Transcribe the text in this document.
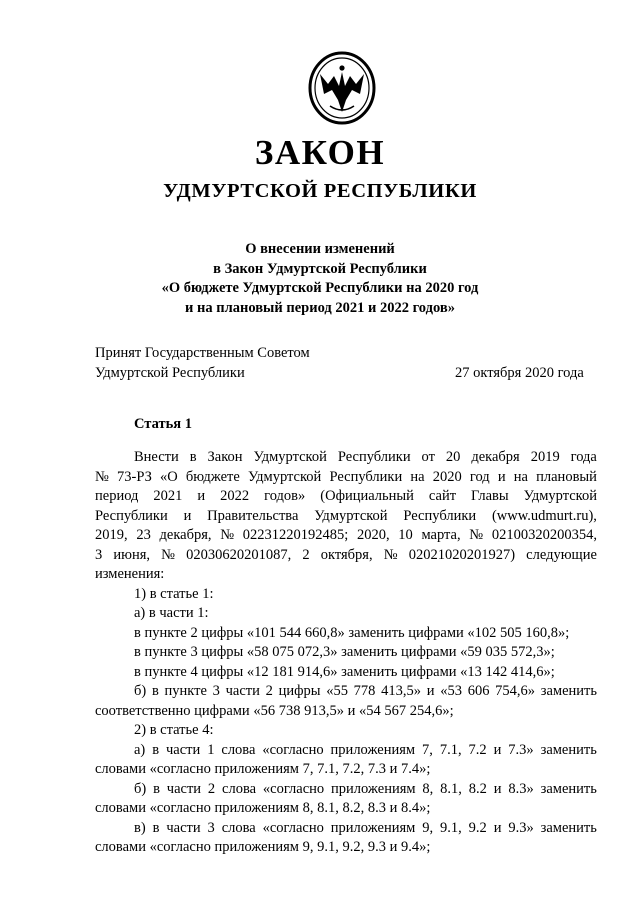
ЗАКОН
УДМУРТСКОЙ РЕСПУБЛИКИ
О внесении изменений
в Закон Удмуртской Республики
«О бюджете Удмуртской Республики на 2020 год
и на плановый период 2021 и 2022 годов»
Принят Государственным Советом
Удмуртской Республики	27 октября 2020 года
Статья 1
Внести в Закон Удмуртской Республики от 20 декабря 2019 года
№ 73-РЗ «О бюджете Удмуртской Республики на 2020 год и на плановый
период 2021 и 2022 годов» (Официальный сайт Главы Удмуртской
Республики и Правительства Удмуртской Республики (www.udmurt.ru),
2019, 23 декабря, № 02231220192485; 2020, 10 марта, № 02100320200354,
3 июня, № 02030620201087, 2 октября, № 02021020201927) следующие
изменения:
1) в статье 1:
а) в части 1:
в пункте 2 цифры «101 544 660,8» заменить цифрами «102 505 160,8»;
в пункте 3 цифры «58 075 072,3» заменить цифрами «59 035 572,3»;
в пункте 4 цифры «12 181 914,6» заменить цифрами «13 142 414,6»;
б) в пункте 3 части 2 цифры «55 778 413,5» и «53 606 754,6» заменить
соответственно цифрами «56 738 913,5» и «54 567 254,6»;
2) в статье 4:
а) в части 1 слова «согласно приложениям 7, 7.1, 7.2 и 7.3» заменить
словами «согласно приложениям 7, 7.1, 7.2, 7.3 и 7.4»;
б) в части 2 слова «согласно приложениям 8, 8.1, 8.2 и 8.3» заменить
словами «согласно приложениям 8, 8.1, 8.2, 8.3 и 8.4»;
в) в части 3 слова «согласно приложениям 9, 9.1, 9.2 и 9.3» заменить
словами «согласно приложениям 9, 9.1, 9.2, 9.3 и 9.4»;
